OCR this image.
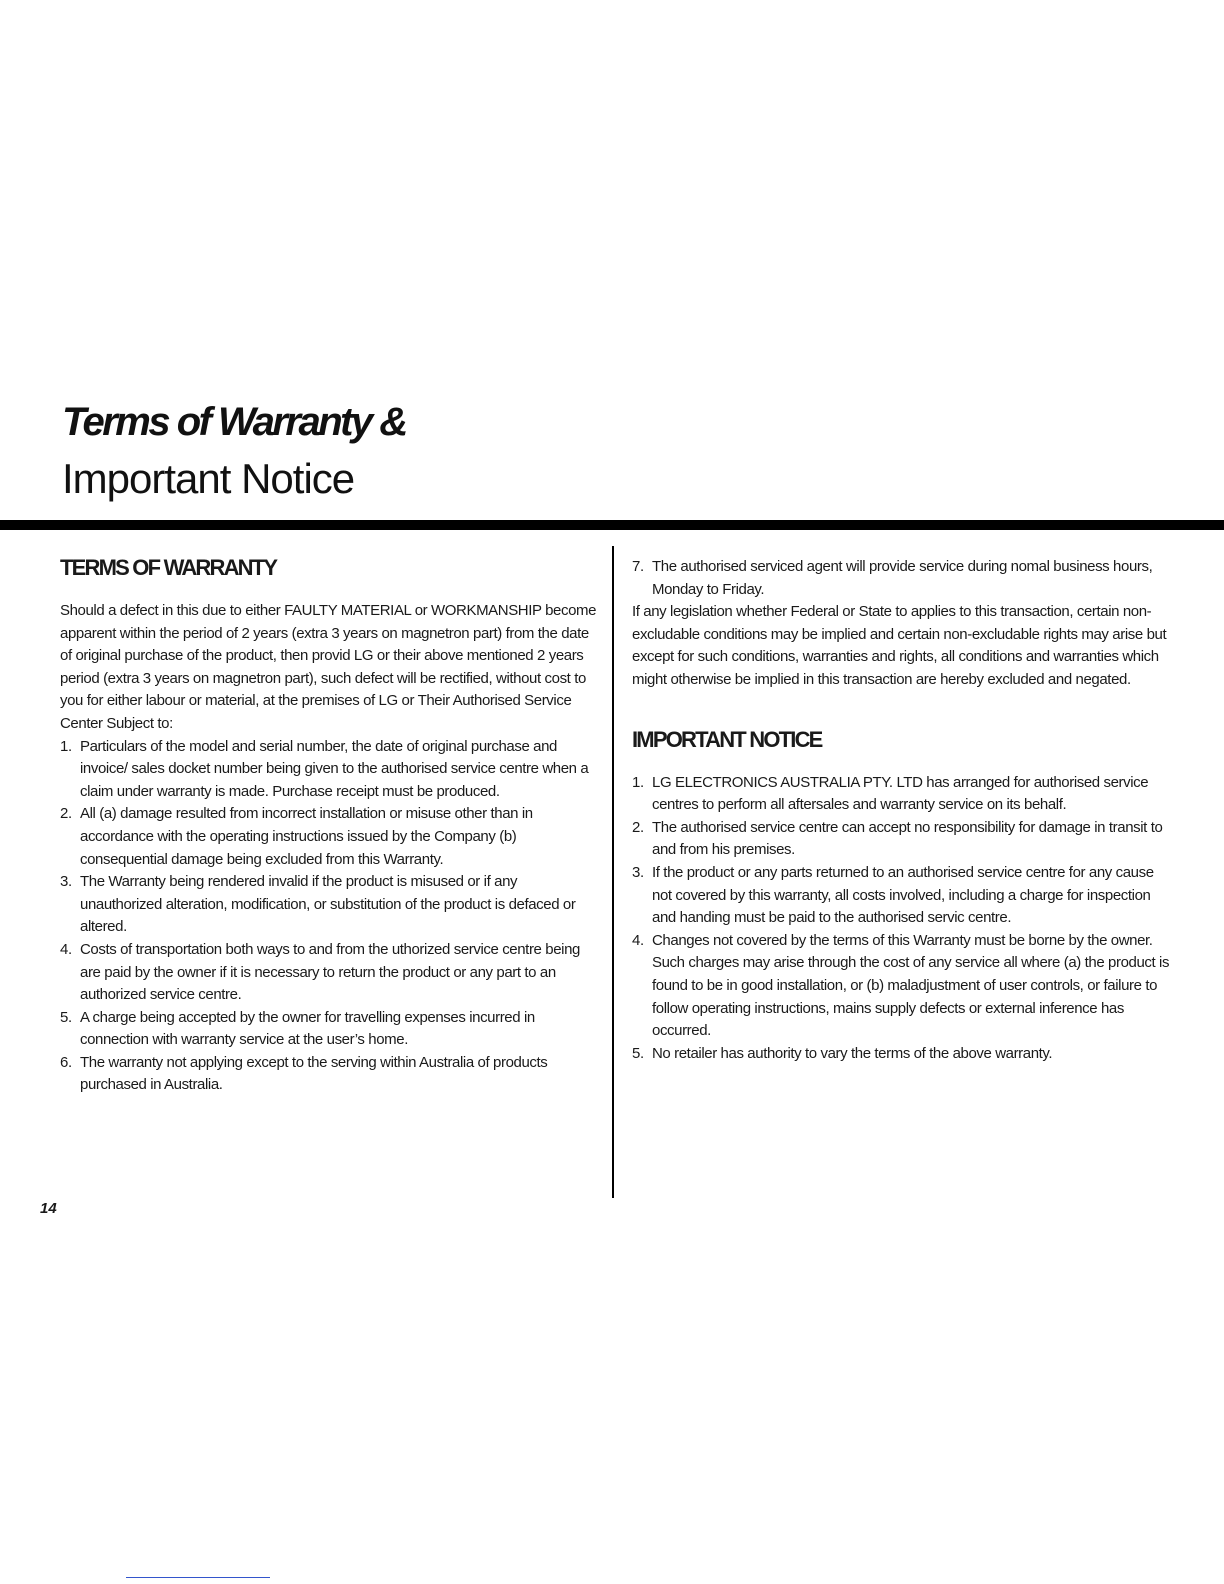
Terms of Warranty &
Important Notice
TERMS OF WARRANTY

Should a defect in this due to either FAULTY MATERIAL or WORKMANSHIP become apparent within the period of 2 years (extra 3 years on magnetron part) from the date of original purchase of the product, then provid LG or their above mentioned 2 years period (extra 3 years on magnetron part), such defect will be rectified, without cost to you for either labour or material, at the premises of LG or Their Authorised Service Center Subject to:

1. Particulars of the model and serial number, the date of original purchase and invoice/ sales docket number being given to the authorised service centre when a claim under warranty is made. Purchase receipt must be produced.
2. All (a) damage resulted from incorrect installation or misuse other than in accordance with the operating instructions issued by the Company (b) consequential damage being excluded from this Warranty.
3. The Warranty being rendered invalid if the product is misused or if any unauthorized alteration, modification, or substitution of the product is defaced or altered.
4. Costs of transportation both ways to and from the uthorized service centre being are paid by the owner if it is necessary to return the product or any part to an authorized service centre.
5. A charge being accepted by the owner for travelling expenses incurred in connection with warranty service at the user’s home.
6. The warranty not applying except to the serving within Australia of products purchased in Australia.
7. The authorised serviced agent will provide service during nomal business hours, Monday to Friday.

If any legislation whether Federal or State to applies to this transaction, certain non-excludable conditions may be implied and certain non-excludable rights may arise but except for such conditions, warranties and rights, all conditions and warranties which might otherwise be implied in this transaction are hereby excluded and negated.

IMPORTANT NOTICE
1. LG ELECTRONICS AUSTRALIA PTY. LTD has arranged for authorised service centres to perform all aftersales and warranty service on its behalf.
2. The authorised service centre can accept no responsibility for damage in transit to and from his premises.
3. If the product or any parts returned to an authorised service centre for any cause not covered by this warranty, all costs involved, including a charge for inspection and handing must be paid to the authorised servic centre.
4. Changes not covered by the terms of this Warranty must be borne by the owner. Such charges may arise through the cost of any service all where (a) the product is found to be in good installation, or (b) maladjustment of user controls, or failure to follow operating instructions, mains supply defects or external inference has occurred.
5. No retailer has authority to vary the terms of the above warranty.
14
